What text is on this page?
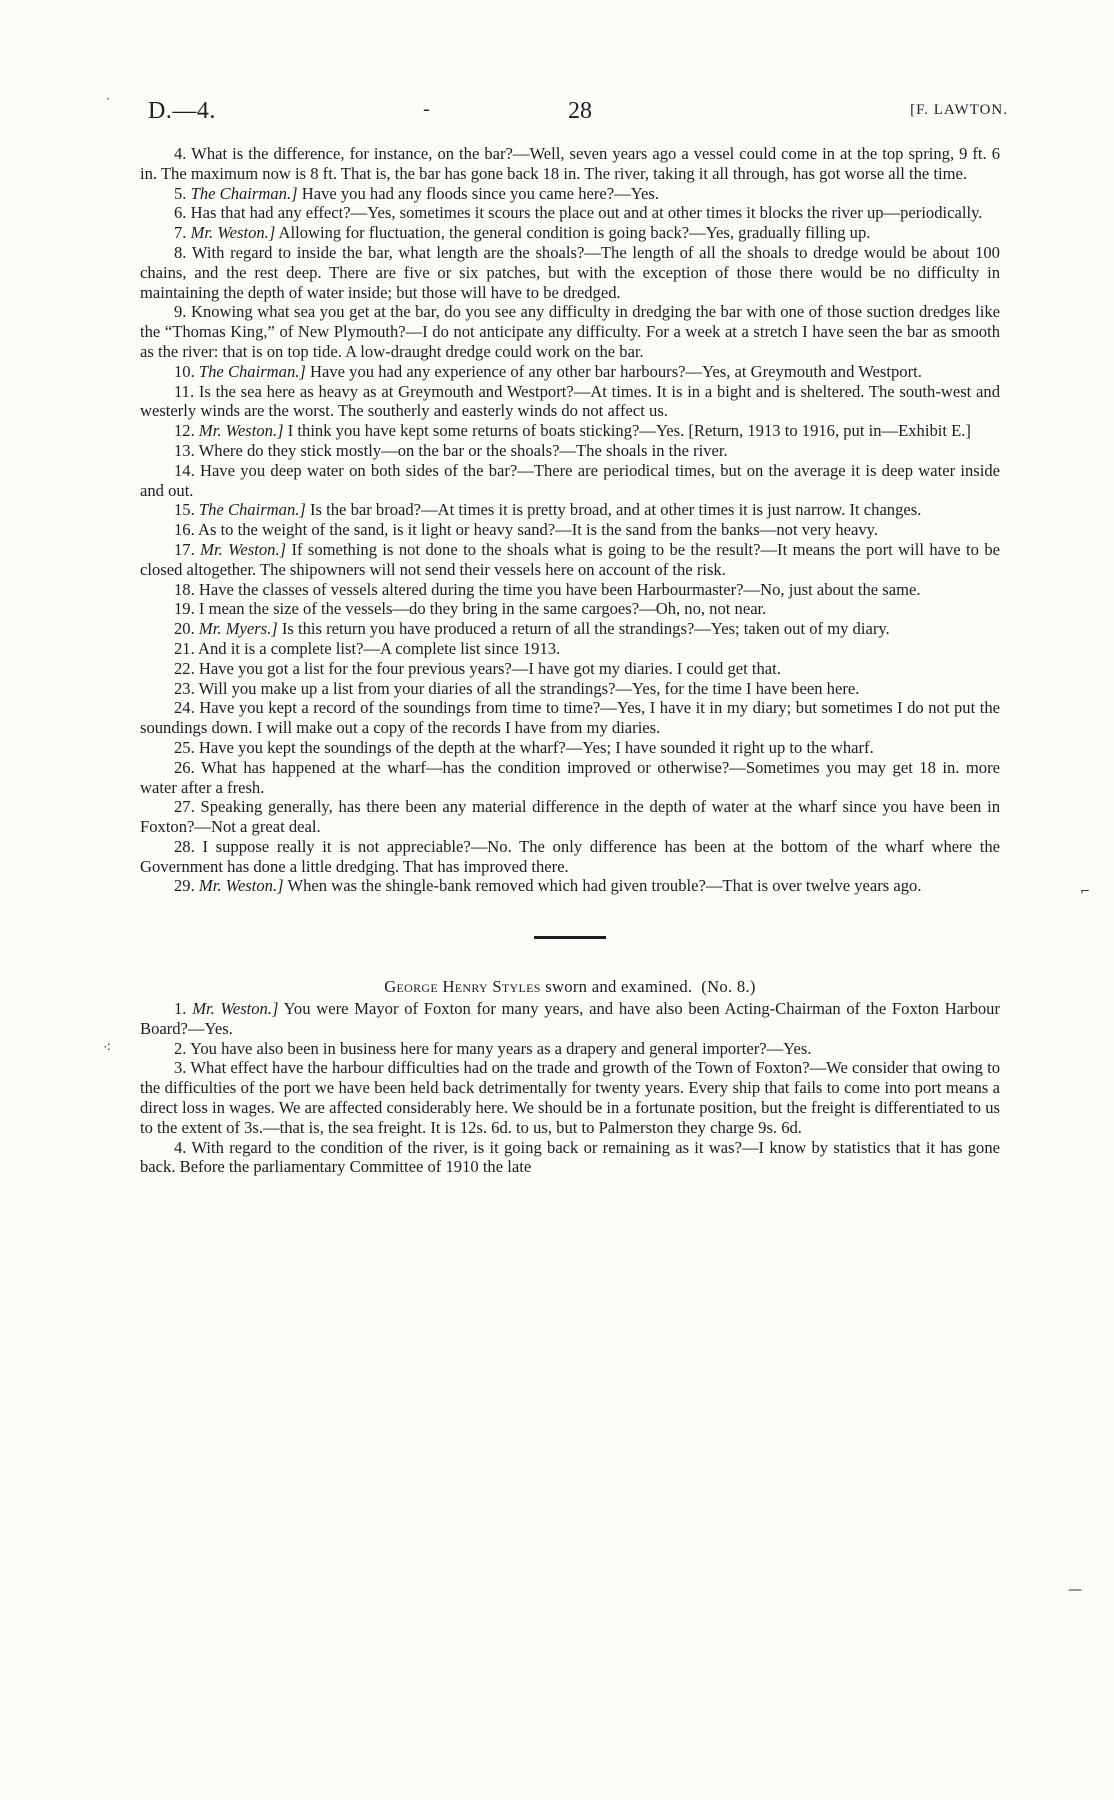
D.—4.	-	28	[F. LAWTON.

4. What is the difference, for instance, on the bar?—Well, seven years ago a vessel could come in at the top spring, 9 ft. 6 in. The maximum now is 8 ft. That is, the bar has gone back 18 in. The river, taking it all through, has got worse all the time.

5. The Chairman.] Have you had any floods since you came here?—Yes.

6. Has that had any effect?—Yes, sometimes it scours the place out and at other times it blocks the river up—periodically.

7. Mr. Weston.] Allowing for fluctuation, the general condition is going back?—Yes, gradually filling up.

8. With regard to inside the bar, what length are the shoals?—The length of all the shoals to dredge would be about 100 chains, and the rest deep. There are five or six patches, but with the exception of those there would be no difficulty in maintaining the depth of water inside; but those will have to be dredged.

9. Knowing what sea you get at the bar, do you see any difficulty in dredging the bar with one of those suction dredges like the “Thomas King,” of New Plymouth?—I do not anticipate any difficulty. For a week at a stretch I have seen the bar as smooth as the river: that is on top tide. A low-draught dredge could work on the bar.

10. The Chairman.] Have you had any experience of any other bar harbours?—Yes, at Greymouth and Westport.

11. Is the sea here as heavy as at Greymouth and Westport?—At times. It is in a bight and is sheltered. The south-west and westerly winds are the worst. The southerly and easterly winds do not affect us.

12. Mr. Weston.] I think you have kept some returns of boats sticking?—Yes. [Return, 1913 to 1916, put in—Exhibit E.]

13. Where do they stick mostly—on the bar or the shoals?—The shoals in the river.

14. Have you deep water on both sides of the bar?—There are periodical times, but on the average it is deep water inside and out.

15. The Chairman.] Is the bar broad?—At times it is pretty broad, and at other times it is just narrow. It changes.

16. As to the weight of the sand, is it light or heavy sand?—It is the sand from the banks—not very heavy.

17. Mr. Weston.] If something is not done to the shoals what is going to be the result?—It means the port will have to be closed altogether. The shipowners will not send their vessels here on account of the risk.

18. Have the classes of vessels altered during the time you have been Harbourmaster?—No, just about the same.

19. I mean the size of the vessels—do they bring in the same cargoes?—Oh, no, not near.

20. Mr. Myers.] Is this return you have produced a return of all the strandings?—Yes; taken out of my diary.

21. And it is a complete list?—A complete list since 1913.

22. Have you got a list for the four previous years?—I have got my diaries. I could get that.

23. Will you make up a list from your diaries of all the strandings?—Yes, for the time I have been here.

24. Have you kept a record of the soundings from time to time?—Yes, I have it in my diary; but sometimes I do not put the soundings down. I will make out a copy of the records I have from my diaries.

25. Have you kept the soundings of the depth at the wharf?—Yes; I have sounded it right up to the wharf.

26. What has happened at the wharf—has the condition improved or otherwise?—Sometimes you may get 18 in. more water after a fresh.

27. Speaking generally, has there been any material difference in the depth of water at the wharf since you have been in Foxton?—Not a great deal.

28. I suppose really it is not appreciable?—No. The only difference has been at the bottom of the wharf where the Government has done a little dredging. That has improved there.

29. Mr. Weston.] When was the shingle-bank removed which had given trouble?—That is over twelve years ago.

George Henry Styles sworn and examined. (No. 8.)

1. Mr. Weston.] You were Mayor of Foxton for many years, and have also been Acting-Chairman of the Foxton Harbour Board?—Yes.

2. You have also been in business here for many years as a drapery and general importer?—Yes.

3. What effect have the harbour difficulties had on the trade and growth of the Town of Foxton?—We consider that owing to the difficulties of the port we have been held back detrimentally for twenty years. Every ship that fails to come into port means a direct loss in wages. We are affected considerably here. We should be in a fortunate position, but the freight is differentiated to us to the extent of 3s.—that is, the sea freight. It is 12s. 6d. to us, but to Palmerston they charge 9s. 6d.

4. With regard to the condition of the river, is it going back or remaining as it was?—I know by statistics that it has gone back. Before the parliamentary Committee of 1910 the late

⁖
⌐
—
·
